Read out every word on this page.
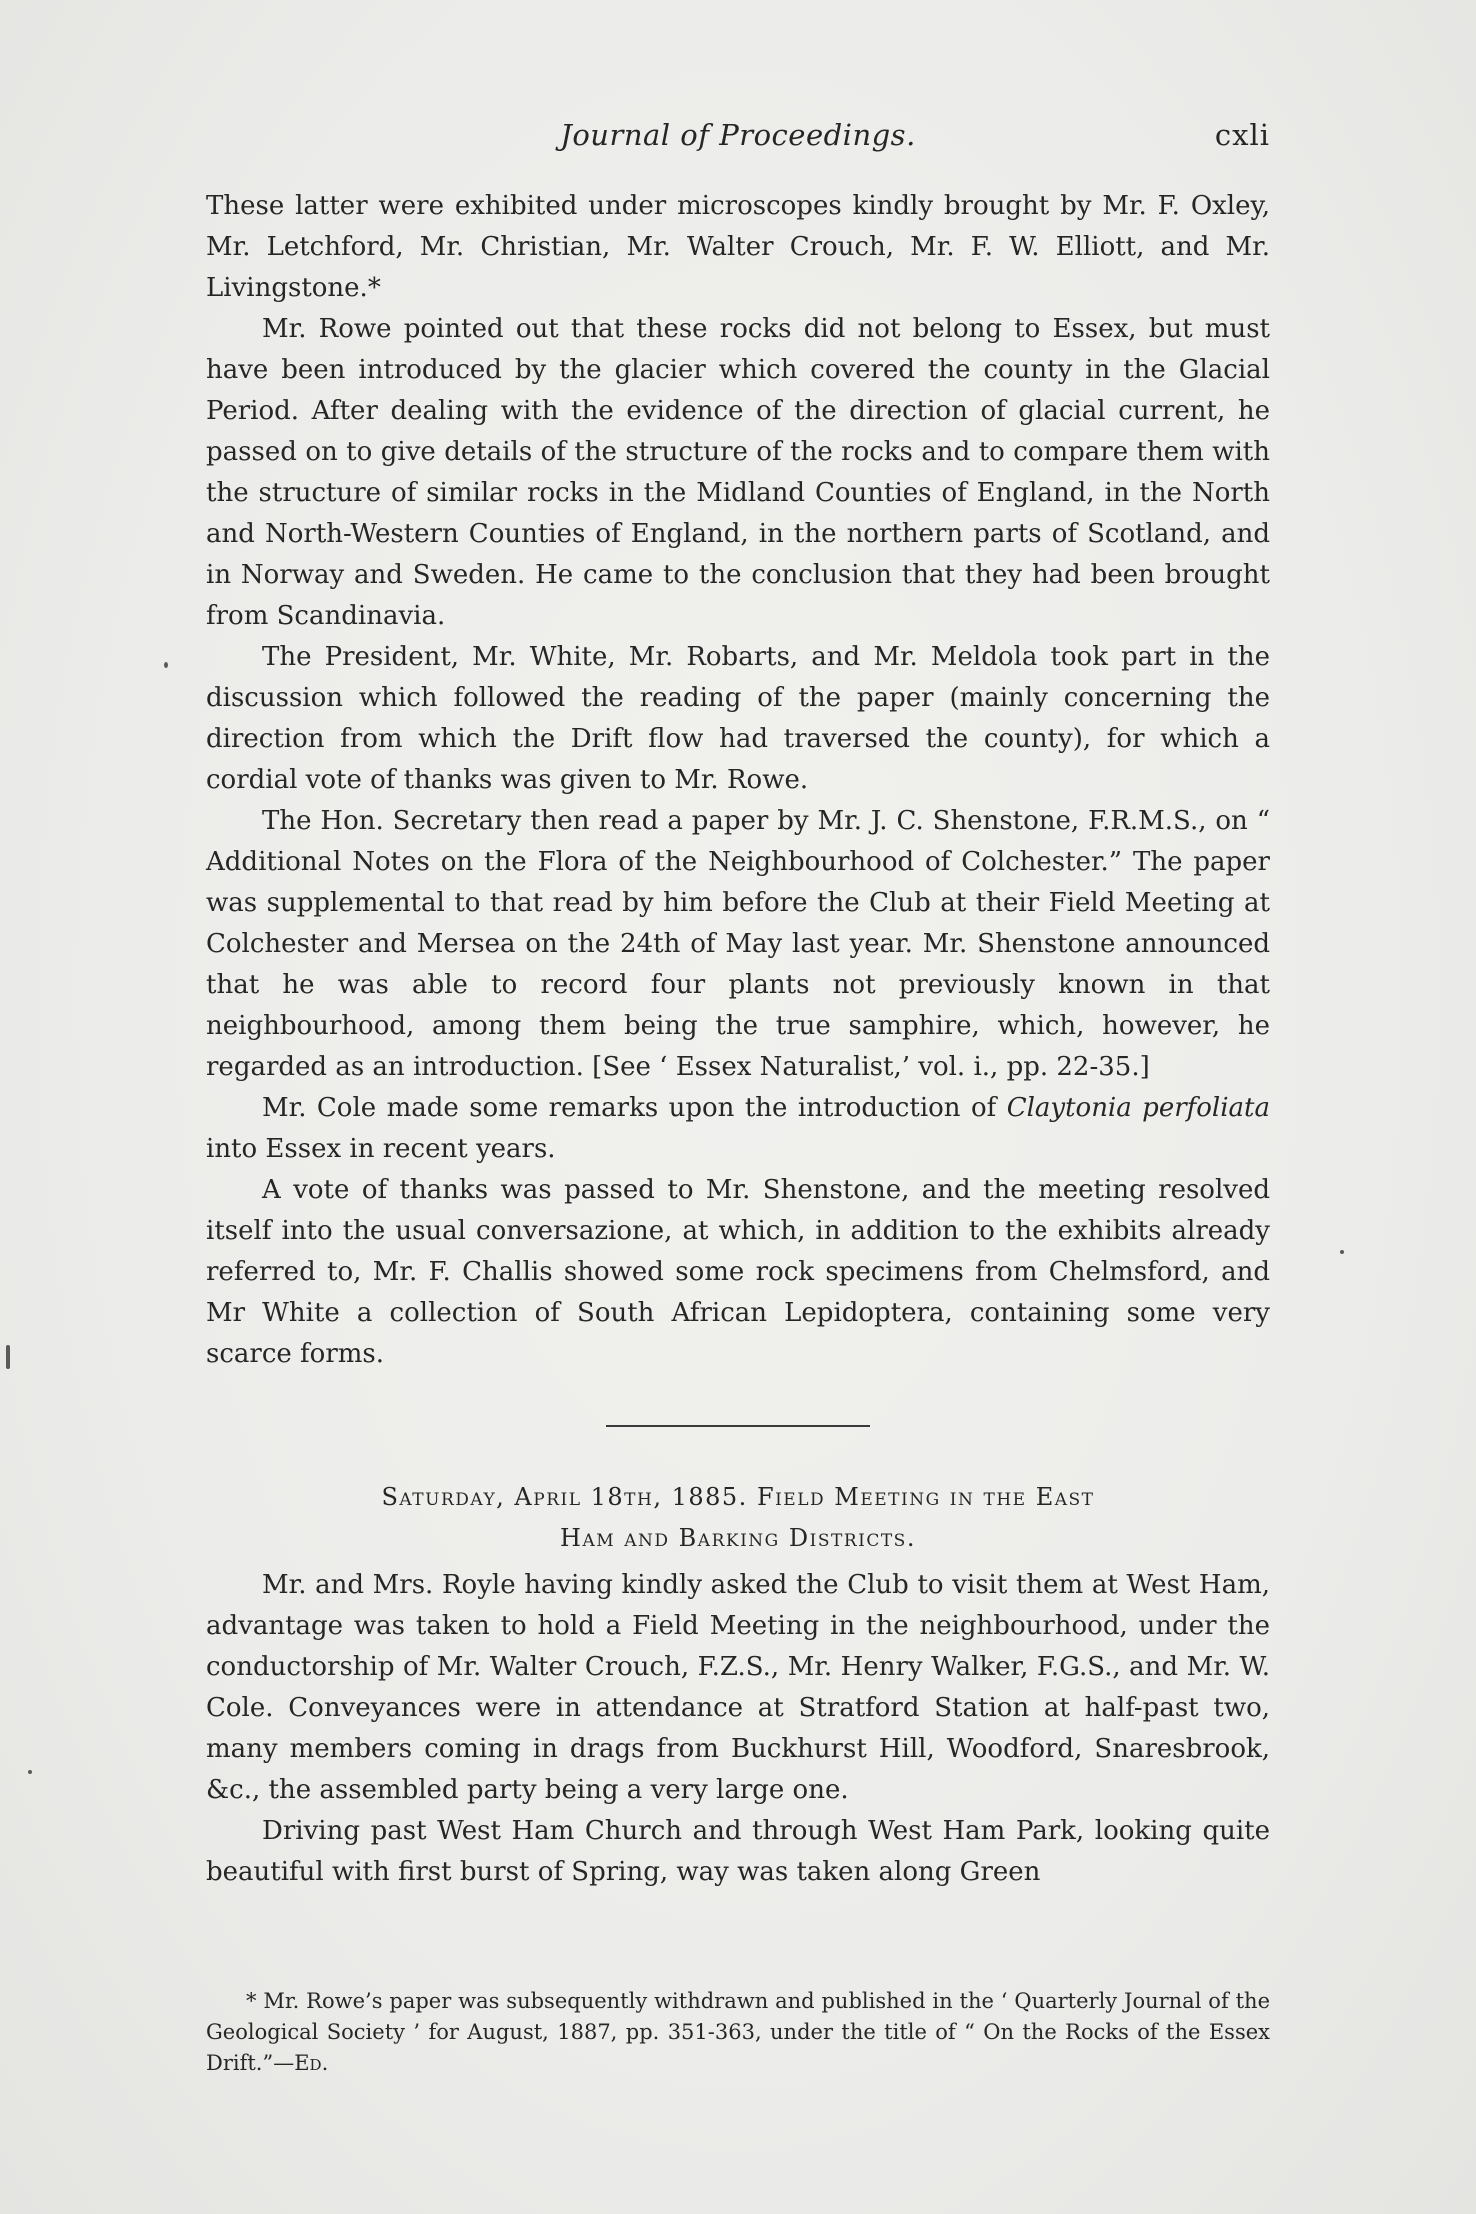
Journal of Proceedings.	cxli

These latter were exhibited under microscopes kindly brought by Mr. F. Oxley, Mr. Letchford, Mr. Christian, Mr. Walter Crouch, Mr. F. W. Elliott, and Mr. Livingstone.*

Mr. Rowe pointed out that these rocks did not belong to Essex, but must have been introduced by the glacier which covered the county in the Glacial Period. After dealing with the evidence of the direction of glacial current, he passed on to give details of the structure of the rocks and to compare them with the structure of similar rocks in the Midland Counties of England, in the North and North-Western Counties of England, in the northern parts of Scotland, and in Norway and Sweden. He came to the conclusion that they had been brought from Scandinavia.

The President, Mr. White, Mr. Robarts, and Mr. Meldola took part in the discussion which followed the reading of the paper (mainly concerning the direction from which the Drift flow had traversed the county), for which a cordial vote of thanks was given to Mr. Rowe.

The Hon. Secretary then read a paper by Mr. J. C. Shenstone, F.R.M.S., on “ Additional Notes on the Flora of the Neighbourhood of Colchester.” The paper was supplemental to that read by him before the Club at their Field Meeting at Colchester and Mersea on the 24th of May last year. Mr. Shenstone announced that he was able to record four plants not previously known in that neighbourhood, among them being the true samphire, which, however, he regarded as an introduction. [See ‘ Essex Naturalist,’ vol. i., pp. 22-35.]

Mr. Cole made some remarks upon the introduction of Claytonia perfoliata into Essex in recent years.

A vote of thanks was passed to Mr. Shenstone, and the meeting resolved itself into the usual conversazione, at which, in addition to the exhibits already referred to, Mr. F. Challis showed some rock specimens from Chelmsford, and Mr White a collection of South African Lepidoptera, containing some very scarce forms.

Saturday, April 18th, 1885. Field Meeting in the East
Ham and Barking Districts.

Mr. and Mrs. Royle having kindly asked the Club to visit them at West Ham, advantage was taken to hold a Field Meeting in the neighbourhood, under the conductorship of Mr. Walter Crouch, F.Z.S., Mr. Henry Walker, F.G.S., and Mr. W. Cole. Conveyances were in attendance at Stratford Station at half-past two, many members coming in drags from Buckhurst Hill, Woodford, Snaresbrook, &c., the assembled party being a very large one.

Driving past West Ham Church and through West Ham Park, looking quite beautiful with first burst of Spring, way was taken along Green

* Mr. Rowe’s paper was subsequently withdrawn and published in the ‘ Quarterly Journal of the Geological Society ’ for August, 1887, pp. 351-363, under the title of “ On the Rocks of the Essex Drift.”—Ed.
